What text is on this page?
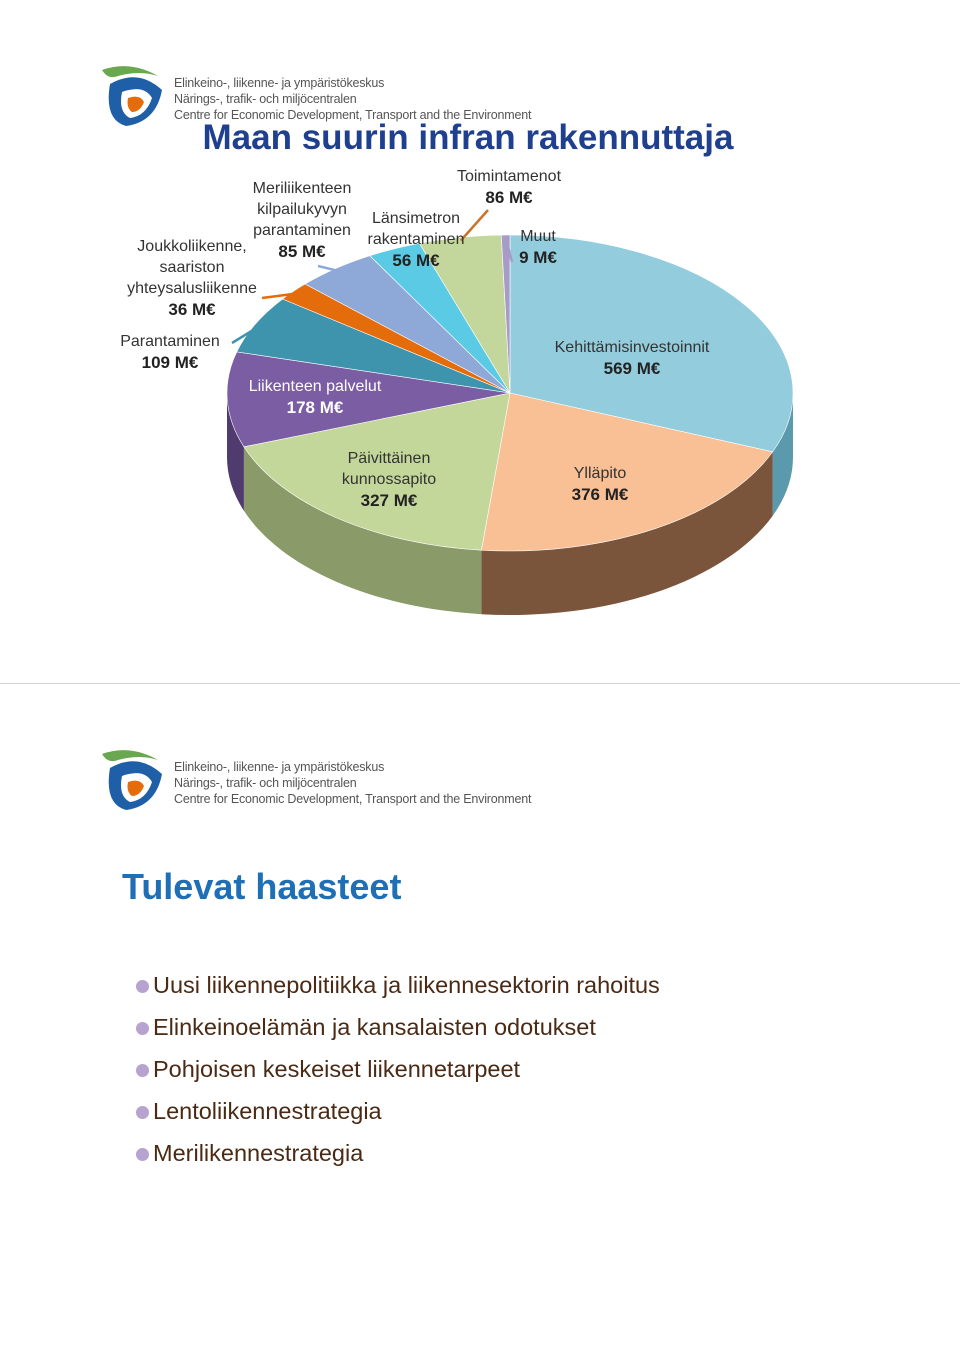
Elinkeino-, liikenne- ja ympäristökeskus
Närings-, trafik- och miljöcentralen
Centre for Economic Development, Transport and the Environment
Maan suurin infran rakennuttaja
Kehittämisinvestoinnit
569 M€
Ylläpito
376 M€
Päivittäinen
kunnossapito
327 M€
Liikenteen palvelut
178 M€
Parantaminen
109 M€
Joukkoliikenne,
saariston
yhteysalusliikenne
36 M€
Meriliikenteen
kilpailukyvyn
parantaminen
85 M€
Länsimetron
rakentaminen
56 M€
Toimintamenot
86 M€
Muut
9 M€
Elinkeino-, liikenne- ja ympäristökeskus
Närings-, trafik- och miljöcentralen
Centre for Economic Development, Transport and the Environment
Tulevat haasteet
Uusi liikennepolitiikka ja liikennesektorin rahoitus
Elinkeinoelämän ja kansalaisten odotukset
Pohjoisen keskeiset liikennetarpeet
Lentoliikennestrategia
Merilikennestrategia
